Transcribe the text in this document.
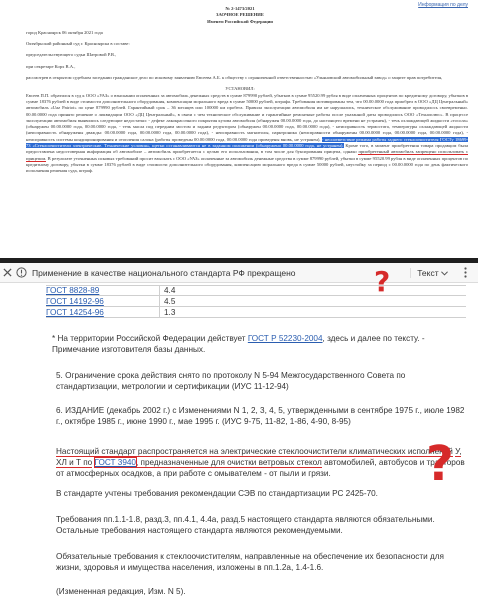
Информация по делу

№ 2-1473/2021

ЗАОЧНОЕ РЕШЕНИЕ

Именем Российской Федерации

город Красноярск 06 октября 2021 года

Октябрьский районный суд г. Красноярска в составе:

председательствующего судьи Шатровой Р.В.,

при секретаре Корх В.А.,

рассмотрев в открытом судебном заседании гражданское дело по исковому заявлению Евсеева А.Б. к обществу с ограниченной ответственностью «Ульяновский автомобильный завод» о защите прав потребителя,

УСТАНОВИЛ:

Евсеев П.П. обратился в суд к ООО «УАЗ» о взыскании оплаченных за автомобиль денежных средств в сумме 879990 рублей, убытков в сумме 95520.99 рубля в виде оплаченных процентов по кредитному договору, убытков в сумме 18376 рублей в виде стоимости дополнительного оборудования, компенсации морального вреда в сумме 50000 рублей, штрафа. Требования мотивированы тем, что 00.00.0000 года приобрел в ООО «ДЦ Центральный» автомобиль «Uaz Patriot» по цене 879990 рублей. Гарантийный срок – 36 месяцев или 100000 км пробега. Правила эксплуатации автомобиля им не нарушались, техническое обслуживание проводилось своевременно. 00.00.0000 года принято решение о ликвидации ООО «ДЦ Центральный», в связи с чем техническое обслуживание и гарантийные ремонтные работы после указанной даты проводились ООО «Техноплюс». В процессе эксплуатации автомобиля выявились следующие недостатки: - дефект лакокрасочного покрытия кузова автомобиля (обнаружен 00.00.0000 года, до настоящего времени не устранен), - течь охлаждающей жидкости «тосола» (обнаружен 00.00.0000 года, 00.00.0000 года, - течь масла под передним мостом и задним редуктором (обнаружен 00.00.0000 года, 00.00.0000 года), - неисправность термостата, температуры охлаждающей жидкости (неисправность обнаружены дважды: 00.00.0000 года, 00.00.0000 года, 00.00.0000 года), - неисправность магнитолы, парктроника (неисправности обнаружены 00.00.0000 года, 00.00.0000 года, 00.00.0000 года), - неисправность системы кондиционирования и отопления салона (работы проведены 00.00.0000 года, 00.00.0000 года проведены вновь, не устранен), - несоответствие режима работы заднего стеклоочистителя ГОСТу 18699-73 «Стеклоочистители электрические. Технические условия», щетки останавливаются не в заданном положении (обнаружено 00.00.0000 года, не устранен). Кроме того, в момент приобретения товара продавцом была предоставлена недостоверная информация об автомобиле – автомобиль приобретается с целью его использования, в том числе для буксирования прицепа, однако приобретенный автомобиль запрещено использовать с прицепом. В результате уточненных исковых требований просит взыскать с ООО «УАЗ» оплаченные за автомобиль денежные средства в сумме 879990 рублей, убытки в сумме 95520.99 рубля в виде оплаченных процентов по кредитному договору, убытки в сумме 18376 рублей в виде стоимости дополнительного оборудования, компенсацию морального вреда в сумме 50000 рублей, неустойку за период с 00.00.0000 года по день фактического исполнения решения суда, штраф.

Применение в качестве национального стандарта РФ прекращено	Текст
ГОСТ 8828-89	4.4
ГОСТ 14192-96	4.5
ГОСТ 14254-96	1.3

* На территории Российской Федерации действует ГОСТ Р 52230-2004, здесь и далее по тексту. - Примечание изготовителя базы данных.

5. Ограничение срока действия снято по протоколу N 5-94 Межгосударственного Совета по стандартизации, метрологии и сертификации (ИУС 11-12-94)

6. ИЗДАНИЕ (декабрь 2002 г.) с Изменениями N 1, 2, 3, 4, 5, утвержденными в сентябре 1975 г., июле 1982 г., октябре 1985 г., июне 1990 г., мае 1995 г. (ИУС 9-75, 11-82, 1-86, 4-90, 8-95)

Настоящий стандарт распространяется на электрические стеклоочистители климатических исполнений У, ХЛ и Т по ГОСТ 3940, предназначенные для очистки ветровых стекол автомобилей, автобусов и тракторов от атмосферных осадков, а при работе с омывателем - от пыли и грязи.

В стандарте учтены требования рекомендации СЭВ по стандартизации РС 2425-70.

Требования пп.1.1-1.8, разд.3, пп.4.1, 4.4а, разд.5 настоящего стандарта являются обязательными. Остальные требования настоящего стандарта являются рекомендуемыми.

Обязательные требования к стеклоочистителям, направленные на обеспечение их безопасности для жизни, здоровья и имущества населения, изложены в пп.1.2а, 1.4-1.6.

(Измененная редакция, Изм. N 5).

?
?
